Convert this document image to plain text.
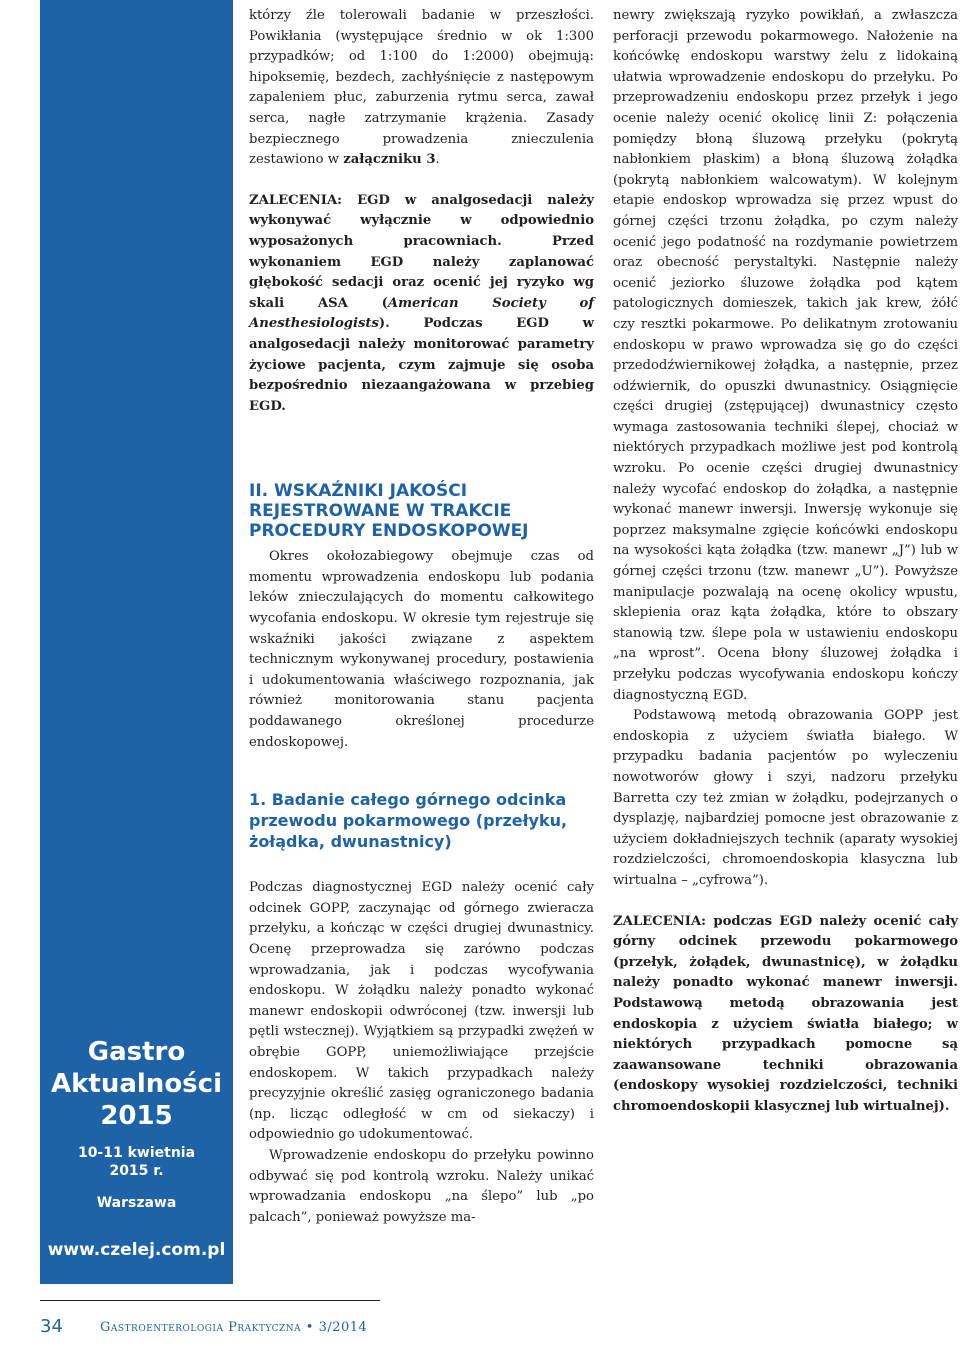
Gastro
Aktualności
2015
10-11 kwietnia
2015 r.
Warszawa
www.czelej.com.pl

którzy źle tolerowali badanie w przeszłości. Powikłania (występujące średnio w ok 1:300 przypadków; od 1:100 do 1:2000) obejmują: hipoksemię, bezdech, zachłyśnięcie z następowym zapaleniem płuc, zaburzenia rytmu serca, zawał serca, nagłe zatrzymanie krążenia. Zasady bezpiecznego prowadzenia znieczulenia zestawiono w załączniku 3.

ZALECENIA: EGD w analgosedacji należy wykonywać wyłącznie w odpowiednio wyposażonych pracowniach. Przed wykonaniem EGD należy zaplanować głębokość sedacji oraz ocenić jej ryzyko wg skali ASA (American Society of Anesthesiologists). Podczas EGD w analgosedacji należy monitorować parametry życiowe pacjenta, czym zajmuje się osoba bezpośrednio niezaangażowana w przebieg EGD.

II. WSKAŹNIKI JAKOŚCI REJESTROWANE W TRAKCIE PROCEDURY ENDOSKOPOWEJ

Okres okołozabiegowy obejmuje czas od momentu wprowadzenia endoskopu lub podania leków znieczulających do momentu całkowitego wycofania endoskopu. W okresie tym rejestruje się wskaźniki jakości związane z aspektem technicznym wykonywanej procedury, postawienia i udokumentowania właściwego rozpoznania, jak również monitorowania stanu pacjenta poddawanego określonej procedurze endoskopowej.

1. Badanie całego górnego odcinka przewodu pokarmowego (przełyku, żołądka, dwunastnicy)

Podczas diagnostycznej EGD należy ocenić cały odcinek GOPP, zaczynając od górnego zwieracza przełyku, a kończąc w części drugiej dwunastnicy. Ocenę przeprowadza się zarówno podczas wprowadzania, jak i podczas wycofywania endoskopu. W żołądku należy ponadto wykonać manewr endoskopii odwróconej (tzw. inwersji lub pętli wstecznej). Wyjątkiem są przypadki zwężeń w obrębie GOPP, uniemożliwiające przejście endoskopem. W takich przypadkach należy precyzyjnie określić zasięg ograniczonego badania (np. licząc odległość w cm od siekaczy) i odpowiednio go udokumentować.

Wprowadzenie endoskopu do przełyku powinno odbywać się pod kontrolą wzroku. Należy unikać wprowadzania endoskopu „na ślepo” lub „po palcach”, ponieważ powyższe ma-

newry zwiększają ryzyko powikłań, a zwłaszcza perforacji przewodu pokarmowego. Nałożenie na końcówkę endoskopu warstwy żelu z lidokainą ułatwia wprowadzenie endoskopu do przełyku. Po przeprowadzeniu endoskopu przez przełyk i jego ocenie należy ocenić okolicę linii Z: połączenia pomiędzy błoną śluzową przełyku (pokrytą nabłonkiem płaskim) a błoną śluzową żołądka (pokrytą nabłonkiem walcowatym). W kolejnym etapie endoskop wprowadza się przez wpust do górnej części trzonu żołądka, po czym należy ocenić jego podatność na rozdymanie powietrzem oraz obecność perystaltyki. Następnie należy ocenić jeziorko śluzowe żołądka pod kątem patologicznych domieszek, takich jak krew, żółć czy resztki pokarmowe. Po delikatnym zrotowaniu endoskopu w prawo wprowadza się go do części przedodźwiernikowej żołądka, a następnie, przez odźwiernik, do opuszki dwunastnicy. Osiągnięcie części drugiej (zstępującej) dwunastnicy często wymaga zastosowania techniki ślepej, chociaż w niektórych przypadkach możliwe jest pod kontrolą wzroku. Po ocenie części drugiej dwunastnicy należy wycofać endoskop do żołądka, a następnie wykonać manewr inwersji. Inwersję wykonuje się poprzez maksymalne zgięcie końcówki endoskopu na wysokości kąta żołądka (tzw. manewr „J”) lub w górnej części trzonu (tzw. manewr „U”). Powyższe manipulacje pozwalają na ocenę okolicy wpustu, sklepienia oraz kąta żołądka, które to obszary stanowią tzw. ślepe pola w ustawieniu endoskopu „na wprost”. Ocena błony śluzowej żołądka i przełyku podczas wycofywania endoskopu kończy diagnostyczną EGD.

Podstawową metodą obrazowania GOPP jest endoskopia z użyciem światła białego. W przypadku badania pacjentów po wyleczeniu nowotworów głowy i szyi, nadzoru przełyku Barretta czy też zmian w żołądku, podejrzanych o dysplazję, najbardziej pomocne jest obrazowanie z użyciem dokładniejszych technik (aparaty wysokiej rozdzielczości, chromoendoskopia klasyczna lub wirtualna – „cyfrowa”).

ZALECENIA: podczas EGD należy ocenić cały górny odcinek przewodu pokarmowego (przełyk, żołądek, dwunastnicę), w żołądku należy ponadto wykonać manewr inwersji. Podstawową metodą obrazowania jest endoskopia z użyciem światła białego; w niektórych przypadkach pomocne są zaawansowane techniki obrazowania (endoskopy wysokiej rozdzielczości, techniki chromoendoskopii klasycznej lub wirtualnej).

34	Gastroenterologia Praktyczna • 3/2014
